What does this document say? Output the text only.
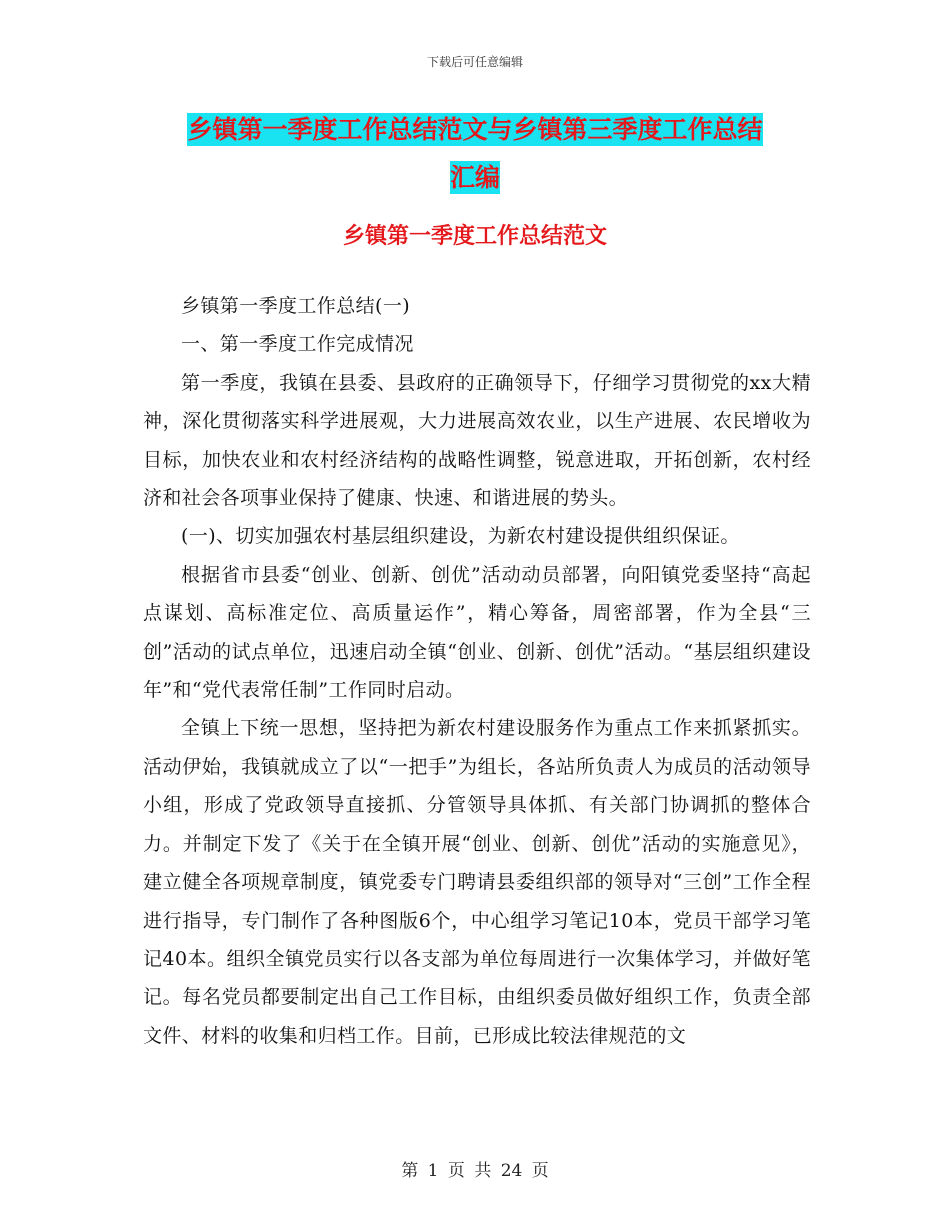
下载后可任意编辑
乡镇第一季度工作总结范文与乡镇第三季度工作总结
汇编
乡镇第一季度工作总结范文

乡镇第一季度工作总结(一)

一、第一季度工作完成情况

第一季度，我镇在县委、县政府的正确领导下，仔细学习贯彻党的xx大精神，深化贯彻落实科学进展观，大力进展高效农业，以生产进展、农民增收为目标，加快农业和农村经济结构的战略性调整，锐意进取，开拓创新，农村经济和社会各项事业保持了健康、快速、和谐进展的势头。

(一)、切实加强农村基层组织建设，为新农村建设提供组织保证。

根据省市县委“创业、创新、创优”活动动员部署，向阳镇党委坚持“高起点谋划、高标准定位、高质量运作”，精心筹备，周密部署，作为全县“三创”活动的试点单位，迅速启动全镇“创业、创新、创优”活动。“基层组织建设年”和“党代表常任制”工作同时启动。

全镇上下统一思想，坚持把为新农村建设服务作为重点工作来抓紧抓实。活动伊始，我镇就成立了以“一把手”为组长，各站所负责人为成员的活动领导小组，形成了党政领导直接抓、分管领导具体抓、有关部门协调抓的整体合力。并制定下发了《关于在全镇开展“创业、创新、创优”活动的实施意见》，建立健全各项规章制度，镇党委专门聘请县委组织部的领导对“三创”工作全程进行指导，专门制作了各种图版6个，中心组学习笔记10本，党员干部学习笔记40本。组织全镇党员实行以各支部为单位每周进行一次集体学习，并做好笔记。每名党员都要制定出自己工作目标，由组织委员做好组织工作，负责全部文件、材料的收集和归档工作。目前，已形成比较法律规范的文

第 1 页 共 24 页
